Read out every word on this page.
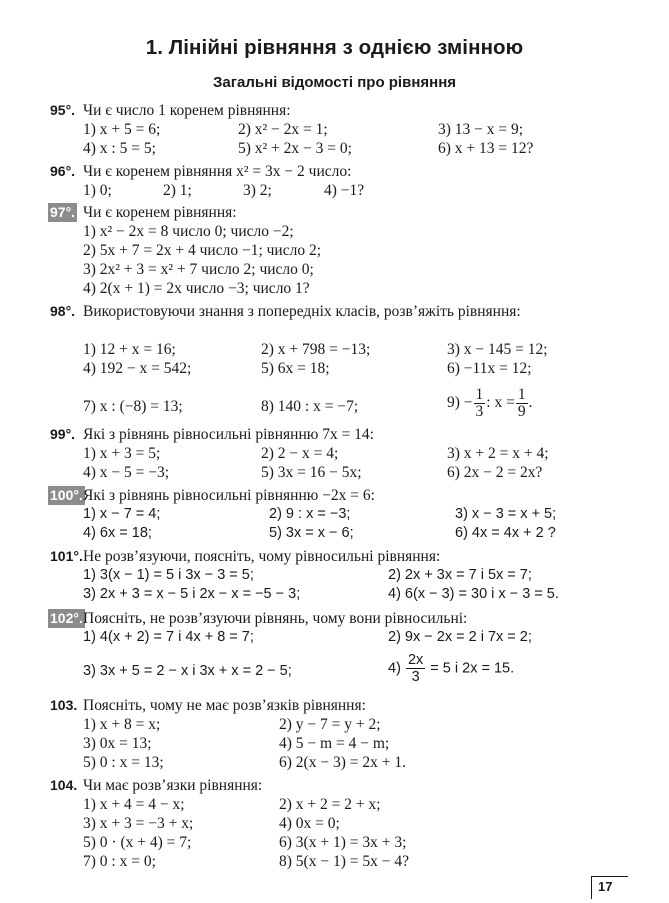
1. Лінійні рівняння з однією змінною
Загальні відомості про рівняння
95°. Чи є число 1 коренем рівняння:
1) x + 5 = 6;	2) x² − 2x = 1;	3) 13 − x = 9;
4) x : 5 = 5;	5) x² + 2x − 3 = 0;	6) x + 13 = 12?
96°. Чи є коренем рівняння x² = 3x − 2 число:
1) 0;	2) 1;	3) 2;	4) −1?
97°. Чи є коренем рівняння:
1) x² − 2x = 8 число 0; число −2;
2) 5x + 7 = 2x + 4 число −1; число 2;
3) 2x² + 3 = x² + 7 число 2; число 0;
4) 2(x + 1) = 2x число −3; число 1?
98°. Використовуючи знання з попередніх класів, розв’яжіть рівняння:
1) 12 + x = 16;	2) x + 798 = −13;	3) x − 145 = 12;
4) 192 − x = 542;	5) 6x = 18;	6) −11x = 12;
7) x : (−8) = 13;	8) 140 : x = −7;	$9) - \frac{1}{3}$ : $x = \frac{1}{9}$ .
99°. Які з рівнянь рівносильні рівнянню 7x = 14:
1) x + 3 = 5;	2) 2 − x = 4;	3) x + 2 = x + 4;
4) x − 5 = −3;	5) 3x = 16 − 5x;	6) 2x − 2 = 2x?
100°. Які з рівнянь рівносильні рівнянню −2x = 6:
1) x − 7 = 4;	2) 9 : x = −3;	3) x − 3 = x + 5;
4) 6x = 18;	5) 3x = x − 6;	6) 4x = 4x + 2 ?
101°. Не розв’язуючи, поясніть, чому рівносильні рівняння:
1) 3(x − 1) = 5 і 3x − 3 = 5;	2) 2x + 3x = 7 і 5x = 7;
3) 2x + 3 = x − 5 і 2x − x = −5 − 3;	4) 6(x − 3) = 30 і x − 3 = 5.
102°. Поясніть, не розв’язуючи рівнянь, чому вони рівносильні:
1) 4(x + 2) = 7 і 4x + 8 = 7;	2) 9x − 2x = 2 і 7x = 2;
3) 3x + 5 = 2 − x і 3x + x = 2 − 5;	$4) \frac{2x}{3} = 5$ і 2x = 15.
103. Поясніть, чому не має розв’язків рівняння:
1) x + 8 = x;	2) y − 7 = y + 2;
3) 0x = 13;	4) 5 − m = 4 − m;
5) 0 : x = 13;	6) 2(x − 3) = 2x + 1.
104. Чи має розв’язки рівняння:
1) x + 4 = 4 − x;	2) x + 2 = 2 + x;
3) x + 3 = −3 + x;	4) 0x = 0;
5) 0 · (x + 4) = 7;	6) 3(x + 1) = 3x + 3;
7) 0 : x = 0;	8) 5(x − 1) = 5x − 4?
17
